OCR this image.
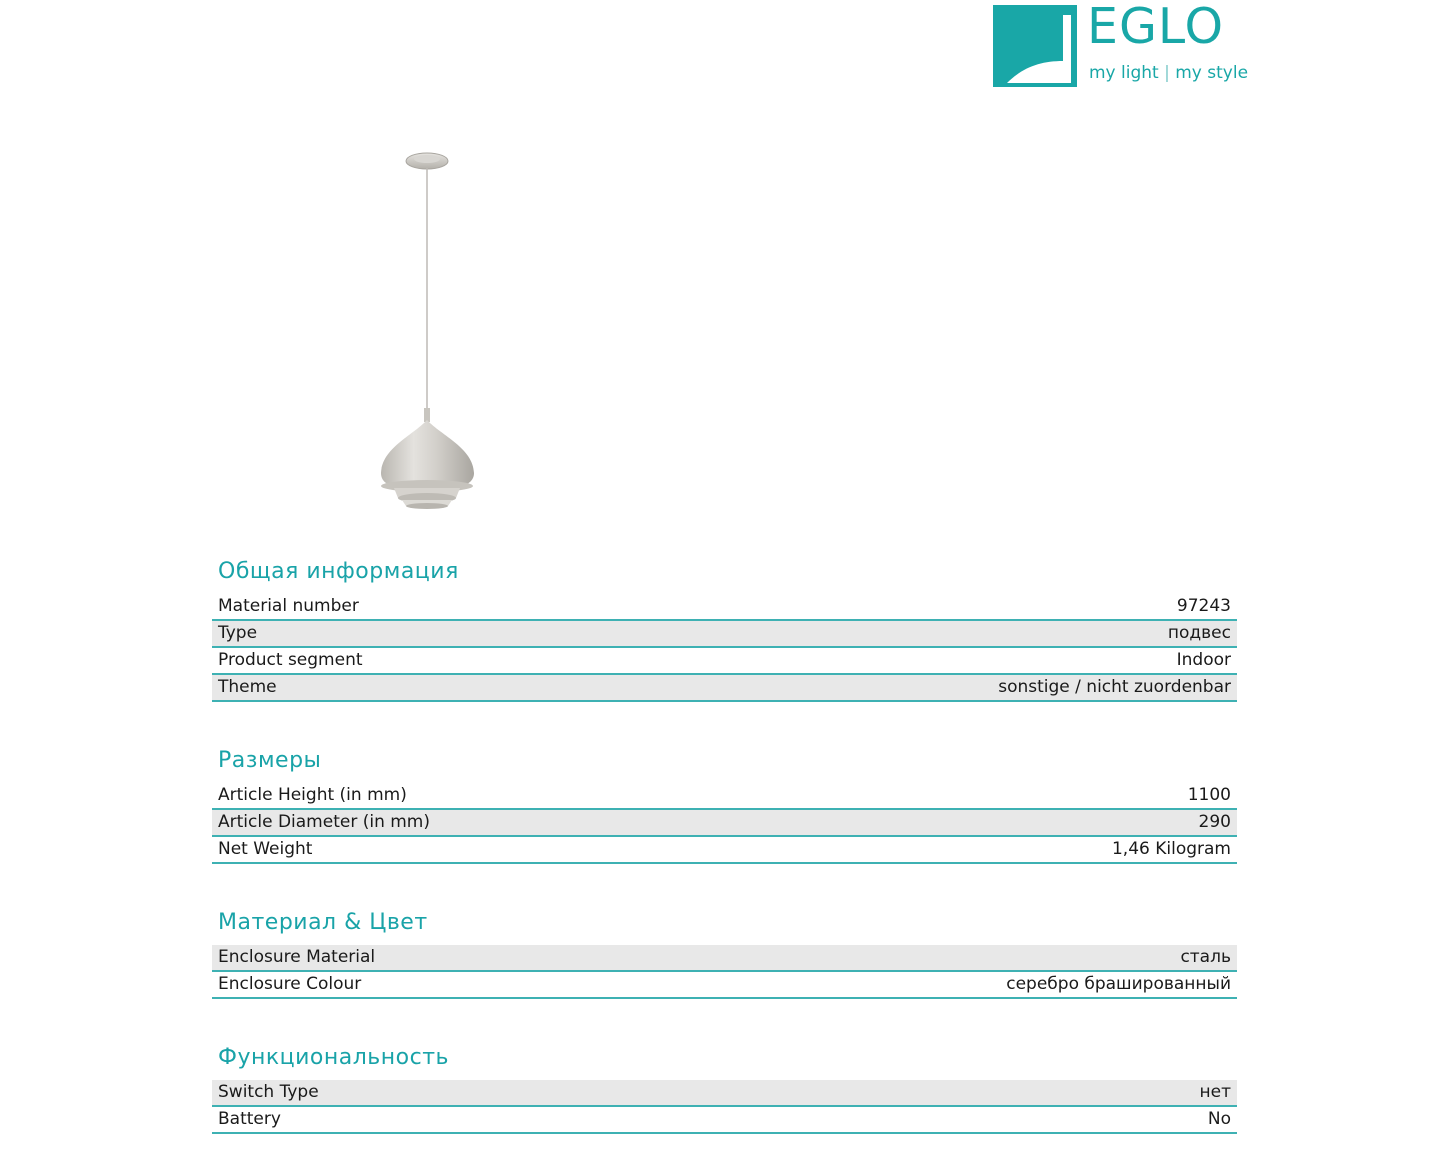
EGLO
my light | my style
Общая информация
Material number	97243
Type	подвес
Product segment	Indoor
Theme	sonstige / nicht zuordenbar
Размеры
Article Height (in mm)	1100
Article Diameter (in mm)	290
Net Weight	1,46 Kilogram
Материал & Цвет
Enclosure Material	сталь
Enclosure Colour	серебро брашированный
Функциональность
Switch Type	нет
Battery	No
